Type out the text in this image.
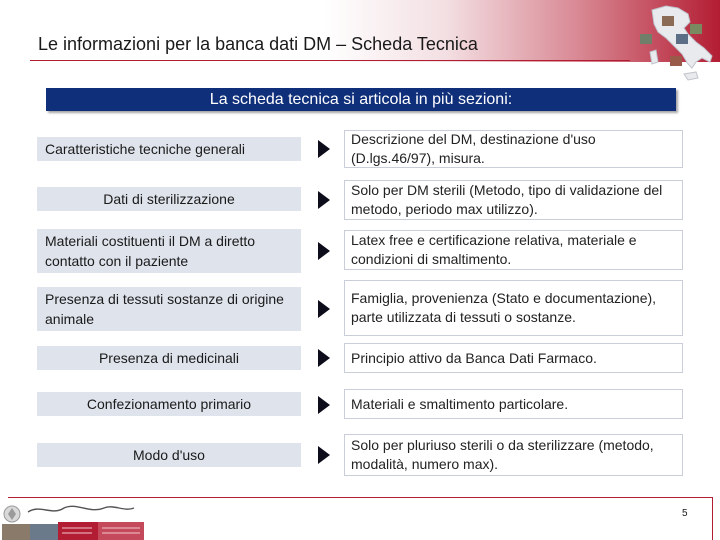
Le informazioni per la banca dati DM – Scheda Tecnica
La scheda tecnica si articola in più sezioni:
Caratteristiche tecniche generali
Descrizione del DM, destinazione d'uso (D.lgs.46/97), misura.
Dati di sterilizzazione
Solo per DM sterili (Metodo, tipo di validazione del metodo, periodo max utilizzo).
Materiali costituenti il DM a diretto contatto con il paziente
Latex free e certificazione relativa, materiale e condizioni di smaltimento.
Presenza di tessuti sostanze di origine animale
Famiglia, provenienza (Stato e documentazione), parte utilizzata di tessuti o sostanze.
Presenza di medicinali	Principio attivo da Banca Dati Farmaco.
Confezionamento primario	Materiali e smaltimento particolare.
Modo d'uso
Solo per pluriuso sterili o da sterilizzare (metodo, modalità, numero max).
5
